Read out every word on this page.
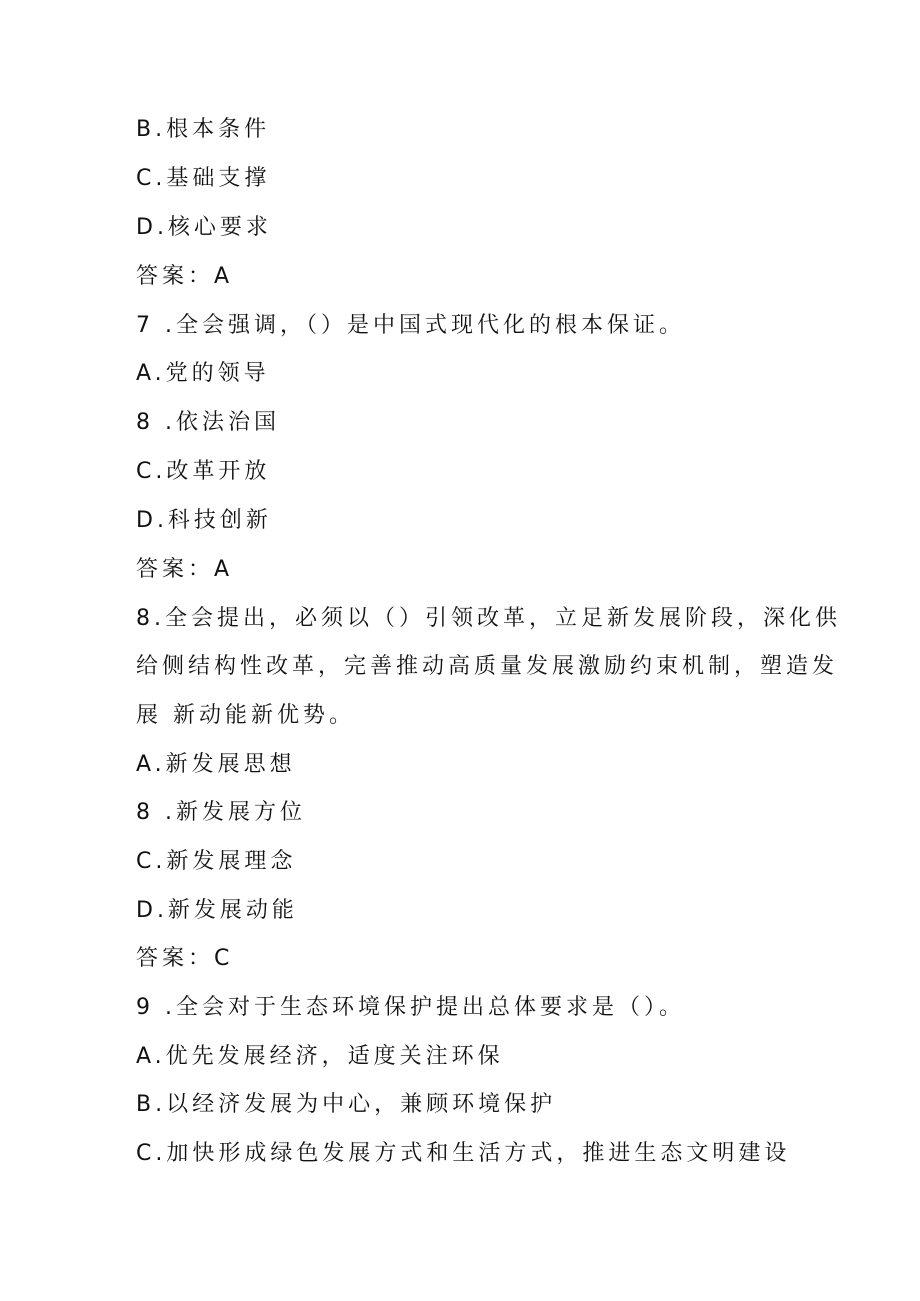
B.根本条件
C.基础支撑
D.核心要求
答案：A
7 .全会强调，（）是中国式现代化的根本保证。
A.党的领导
8 .依法治国
C.改革开放
D.科技创新
答案：A
8.全会提出，必须以（）引领改革，立足新发展阶段，深化供
给侧结构性改革，完善推动高质量发展激励约束机制，塑造发
展 新动能新优势。
A.新发展思想
8 .新发展方位
C.新发展理念
D.新发展动能
答案：C
9 .全会对于生态环境保护提出总体要求是（）。
A.优先发展经济，适度关注环保
B.以经济发展为中心，兼顾环境保护
C.加快形成绿色发展方式和生活方式，推进生态文明建设
